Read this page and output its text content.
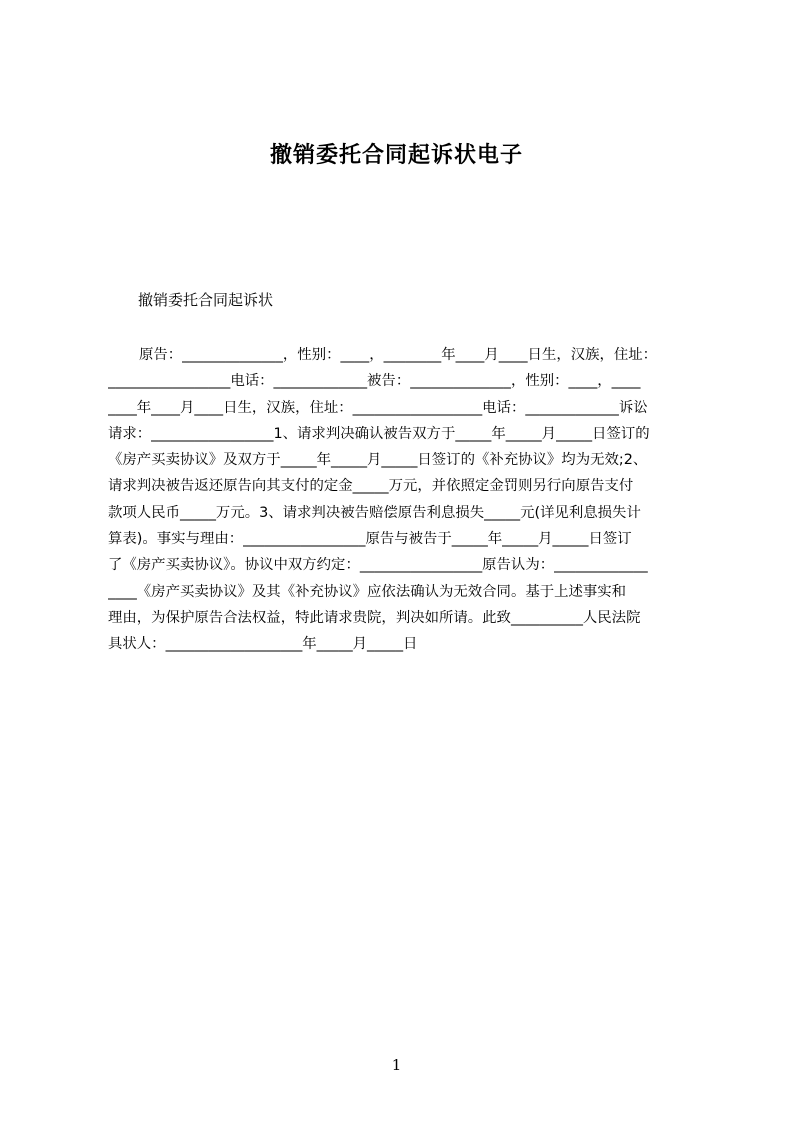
撤销委托合同起诉状电子

撤销委托合同起诉状

原告：______________，性别：____，________年____月____日生，汉族，住址：
_________________电话：_____________被告：______________，性别：____，____
____年____月____日生，汉族，住址：__________________电话：_____________诉讼
请求：_________________1、请求判决确认被告双方于_____年_____月_____日签订的
《房产买卖协议》及双方于_____年_____月_____日签订的《补充协议》均为无效;2、
请求判决被告返还原告向其支付的定金_____万元，并依照定金罚则另行向原告支付
款项人民币_____万元。3、请求判决被告赔偿原告利息损失_____元(详见利息损失计
算表)。事实与理由：_________________原告与被告于_____年_____月_____日签订
了《房产买卖协议》。协议中双方约定：_________________原告认为：_____________
____《房产买卖协议》及其《补充协议》应依法确认为无效合同。基于上述事实和
理由，为保护原告合法权益，特此请求贵院，判决如所请。此致__________人民法院
具状人：___________________年_____月_____日
1
